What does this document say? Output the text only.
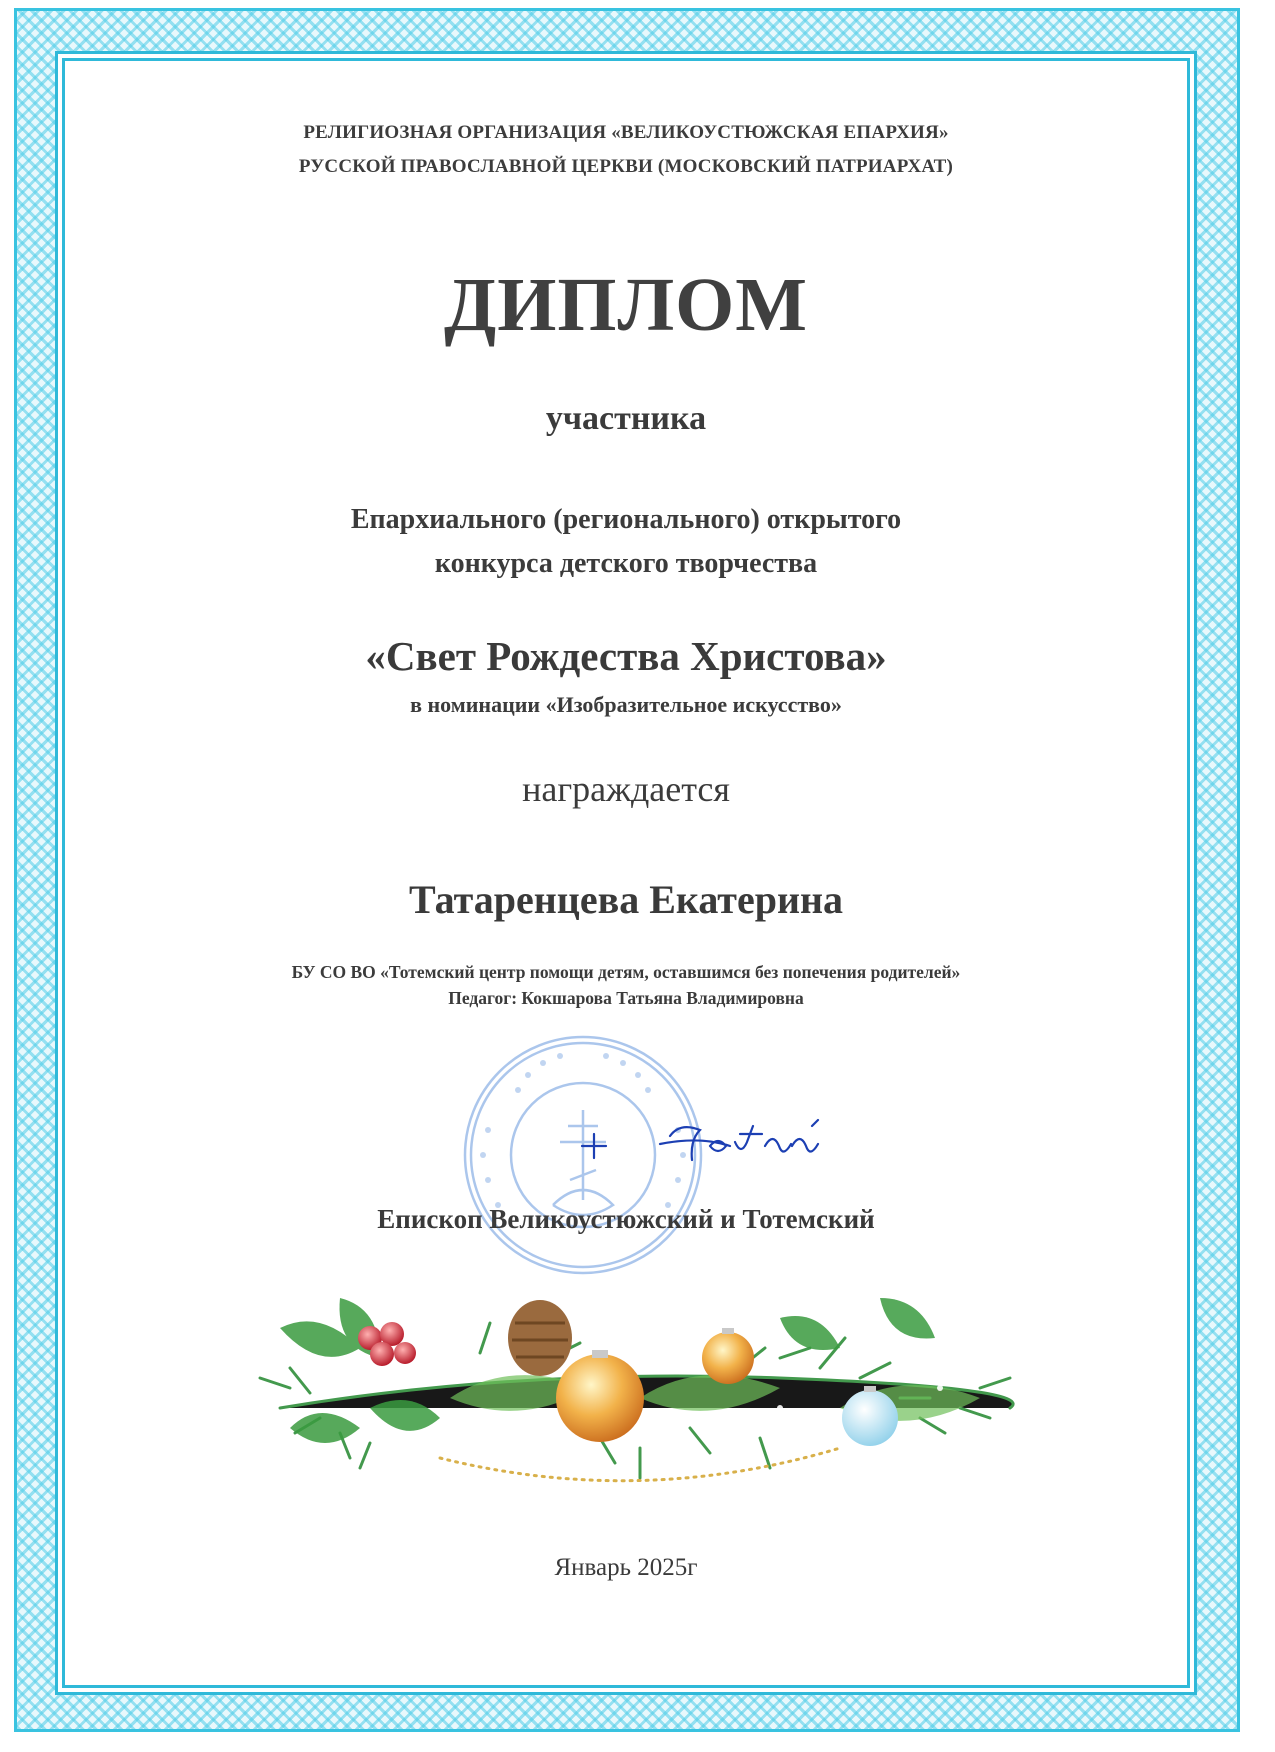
РЕЛИГИОЗНАЯ ОРГАНИЗАЦИЯ «ВЕЛИКОУСТЮЖСКАЯ ЕПАРХИЯ»
РУССКОЙ ПРАВОСЛАВНОЙ ЦЕРКВИ (МОСКОВСКИЙ ПАТРИАРХАТ)
ДИПЛОМ
участника
Епархиального (регионального) открытого
конкурса детского творчества
«Свет Рождества Христова»
в номинации «Изобразительное искусство»
награждается
Татаренцева Екатерина
БУ СО ВО «Тотемский центр помощи детям, оставшимся без попечения родителей»
Педагог: Кокшарова Татьяна Владимировна
Епископ Великоустюжский и Тотемский
Январь 2025г
